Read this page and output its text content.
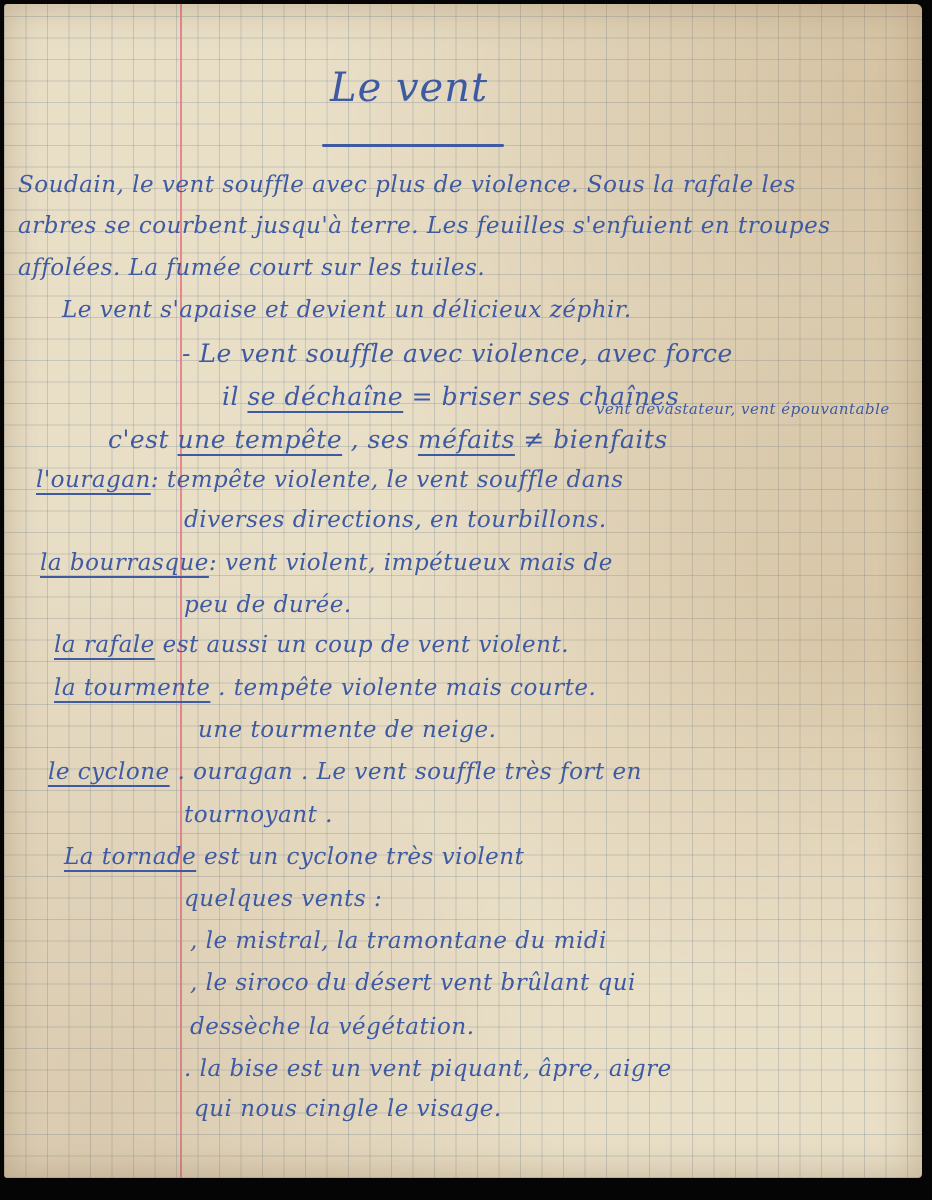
Le vent
Soudain, le vent souffle avec plus de violence. Sous la rafale les
arbres se courbent jusqu'à terre. Les feuilles s'enfuient en troupes
affolées. La fumée court sur les tuiles.
Le vent s'apaise et devient un délicieux zéphir.
- Le vent souffle avec violence, avec force
il se déchaîne = briser ses chaînes
vent dévastateur, vent épouvantable
c'est une tempête , ses méfaits ≠ bienfaits
l'ouragan: tempête violente, le vent souffle dans
diverses directions, en tourbillons.
la bourrasque: vent violent, impétueux mais de
peu de durée.
la rafale est aussi un coup de vent violent.
la tourmente . tempête violente mais courte.
une tourmente de neige.
le cyclone . ouragan . Le vent souffle très fort en
tournoyant .
La tornade est un cyclone très violent
quelques vents :
, le mistral, la tramontane du midi
, le siroco du désert vent brûlant qui
dessèche la végétation.
. la bise est un vent piquant, âpre, aigre
qui nous cingle le visage.
